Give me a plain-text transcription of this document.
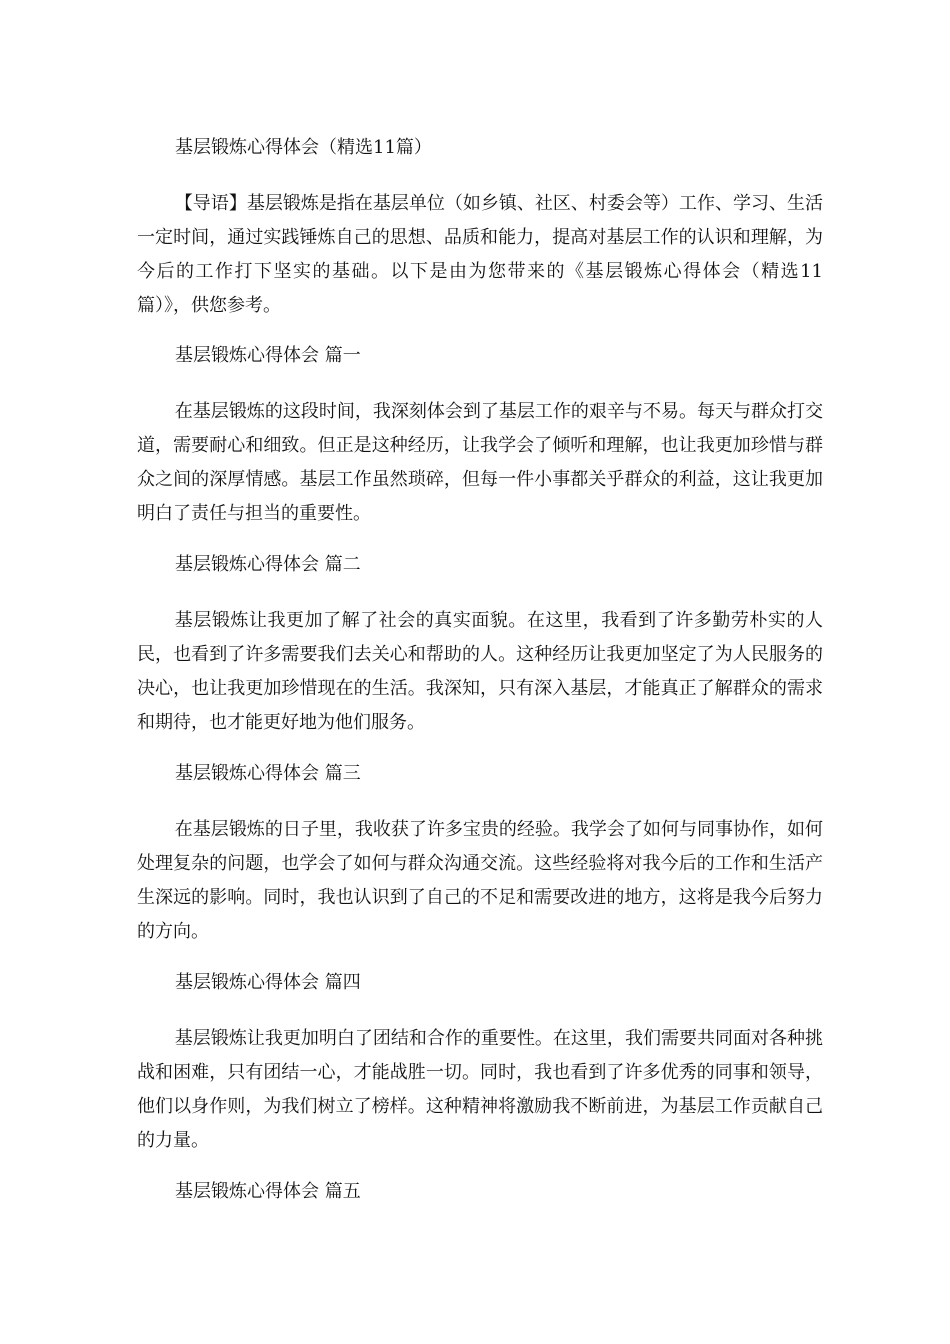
基层锻炼心得体会（精选11篇）

【导语】基层锻炼是指在基层单位（如乡镇、社区、村委会等）工作、学习、生活一定时间，通过实践锤炼自己的思想、品质和能力，提高对基层工作的认识和理解，为今后的工作打下坚实的基础。以下是由为您带来的《基层锻炼心得体会（精选11篇）》，供您参考。

基层锻炼心得体会 篇一

在基层锻炼的这段时间，我深刻体会到了基层工作的艰辛与不易。每天与群众打交道，需要耐心和细致。但正是这种经历，让我学会了倾听和理解，也让我更加珍惜与群众之间的深厚情感。基层工作虽然琐碎，但每一件小事都关乎群众的利益，这让我更加明白了责任与担当的重要性。

基层锻炼心得体会 篇二

基层锻炼让我更加了解了社会的真实面貌。在这里，我看到了许多勤劳朴实的人民，也看到了许多需要我们去关心和帮助的人。这种经历让我更加坚定了为人民服务的决心，也让我更加珍惜现在的生活。我深知，只有深入基层，才能真正了解群众的需求和期待，也才能更好地为他们服务。

基层锻炼心得体会 篇三

在基层锻炼的日子里，我收获了许多宝贵的经验。我学会了如何与同事协作，如何处理复杂的问题，也学会了如何与群众沟通交流。这些经验将对我今后的工作和生活产生深远的影响。同时，我也认识到了自己的不足和需要改进的地方，这将是我今后努力的方向。

基层锻炼心得体会 篇四

基层锻炼让我更加明白了团结和合作的重要性。在这里，我们需要共同面对各种挑战和困难，只有团结一心，才能战胜一切。同时，我也看到了许多优秀的同事和领导，他们以身作则，为我们树立了榜样。这种精神将激励我不断前进，为基层工作贡献自己的力量。

基层锻炼心得体会 篇五
